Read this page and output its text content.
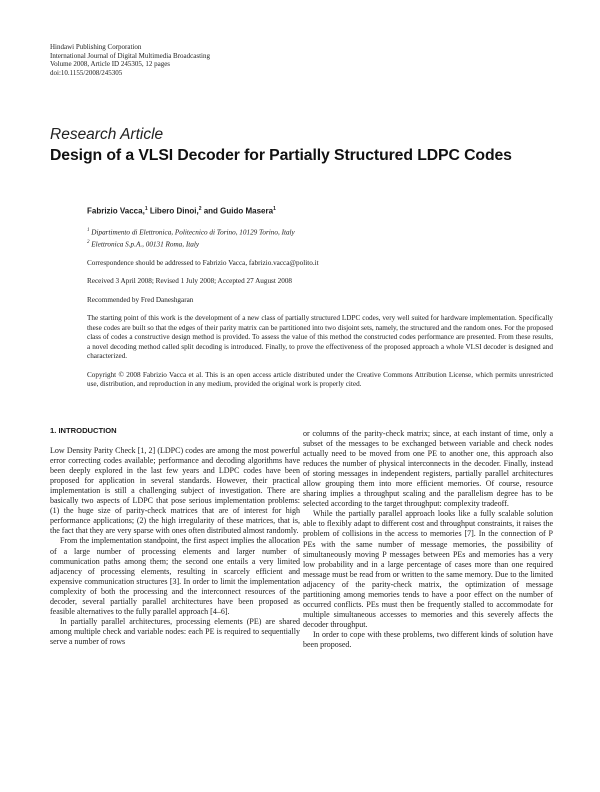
Hindawi Publishing Corporation
International Journal of Digital Multimedia Broadcasting
Volume 2008, Article ID 245305, 12 pages
doi:10.1155/2008/245305
Research Article
Design of a VLSI Decoder for Partially Structured LDPC Codes
Fabrizio Vacca,$^1$ Libero Dinoi,$^2$ and Guido Masera$^1$
$^1$ Dipartimento di Elettronica, Politecnico di Torino, 10129 Torino, Italy
$^2$ Elettronica S.p.A., 00131 Roma, Italy
Correspondence should be addressed to Fabrizio Vacca, fabrizio.vacca@polito.it
Received 3 April 2008; Revised 1 July 2008; Accepted 27 August 2008
Recommended by Fred Daneshgaran
The starting point of this work is the development of a new class of partially structured LDPC codes, very well suited for hardware implementation. Specifically these codes are built so that the edges of their parity matrix can be partitioned into two disjoint sets, namely, the structured and the random ones. For the proposed class of codes a constructive design method is provided. To assess the value of this method the constructed codes performance are presented. From these results, a novel decoding method called split decoding is introduced. Finally, to prove the effectiveness of the proposed approach a whole VLSI decoder is designed and characterized.
Copyright © 2008 Fabrizio Vacca et al. This is an open access article distributed under the Creative Commons Attribution License, which permits unrestricted use, distribution, and reproduction in any medium, provided the original work is properly cited.
1. INTRODUCTION

Low Density Parity Check [1, 2] (LDPC) codes are among the most powerful error correcting codes available; performance and decoding algorithms have been deeply explored in the last few years and LDPC codes have been proposed for application in several standards. However, their practical implementation is still a challenging subject of investigation. There are basically two aspects of LDPC that pose serious implementation problems: (1) the huge size of parity-check matrices that are of interest for high performance applications; (2) the high irregularity of these matrices, that is, the fact that they are very sparse with ones often distributed almost randomly.

From the implementation standpoint, the first aspect implies the allocation of a large number of processing elements and larger number of communication paths among them; the second one entails a very limited adjacency of processing elements, resulting in scarcely efficient and expensive communication structures [3]. In order to limit the implementation complexity of both the processing and the interconnect resources of the decoder, several partially parallel architectures have been proposed as feasible alternatives to the fully parallel approach [4–6].

In partially parallel architectures, processing elements (PE) are shared among multiple check and variable nodes: each PE is required to sequentially serve a number of rows

or columns of the parity-check matrix; since, at each instant of time, only a subset of the messages to be exchanged between variable and check nodes actually need to be moved from one PE to another one, this approach also reduces the number of physical interconnects in the decoder. Finally, instead of storing messages in independent registers, partially parallel architectures allow grouping them into more efficient memories. Of course, resource sharing implies a throughput scaling and the parallelism degree has to be selected according to the target throughput: complexity tradeoff.

While the partially parallel approach looks like a fully scalable solution able to flexibly adapt to different cost and throughput constraints, it raises the problem of collisions in the access to memories [7]. In the connection of P PEs with the same number of message memories, the possibility of simultaneously moving P messages between PEs and memories has a very low probability and in a large percentage of cases more than one required message must be read from or written to the same memory. Due to the limited adjacency of the parity-check matrix, the optimization of message partitioning among memories tends to have a poor effect on the number of occurred conflicts. PEs must then be frequently stalled to accommodate for multiple simultaneous accesses to memories and this severely affects the decoder throughput.

In order to cope with these problems, two different kinds of solution have been proposed.
